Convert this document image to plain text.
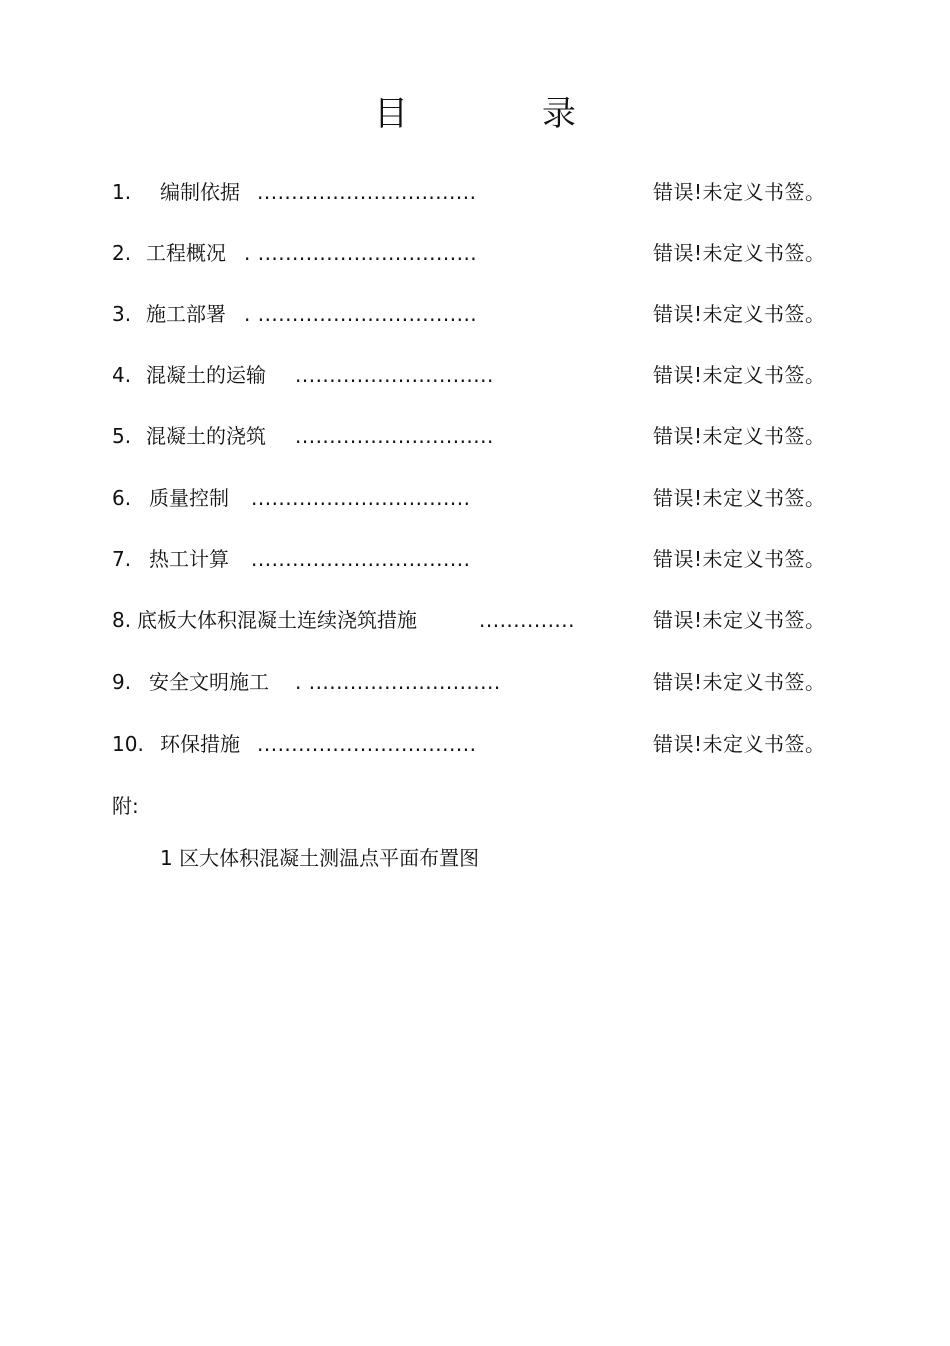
目　录
1. 编制依据 ................................	错误!未定义书签。
2. 工程概况 . ................................	错误!未定义书签。
3. 施工部署 . ................................	错误!未定义书签。
4. 混凝土的运输 .............................	错误!未定义书签。
5. 混凝土的浇筑 .............................	错误!未定义书签。
6. 质量控制 ................................	错误!未定义书签。
7. 热工计算 ................................	错误!未定义书签。
8. 底板大体积混凝土连续浇筑措施	..............	错误!未定义书签。
9. 安全文明施工 . ............................	错误!未定义书签。
10. 环保措施 ................................	错误!未定义书签。
附:
1 区大体积混凝土测温点平面布置图
